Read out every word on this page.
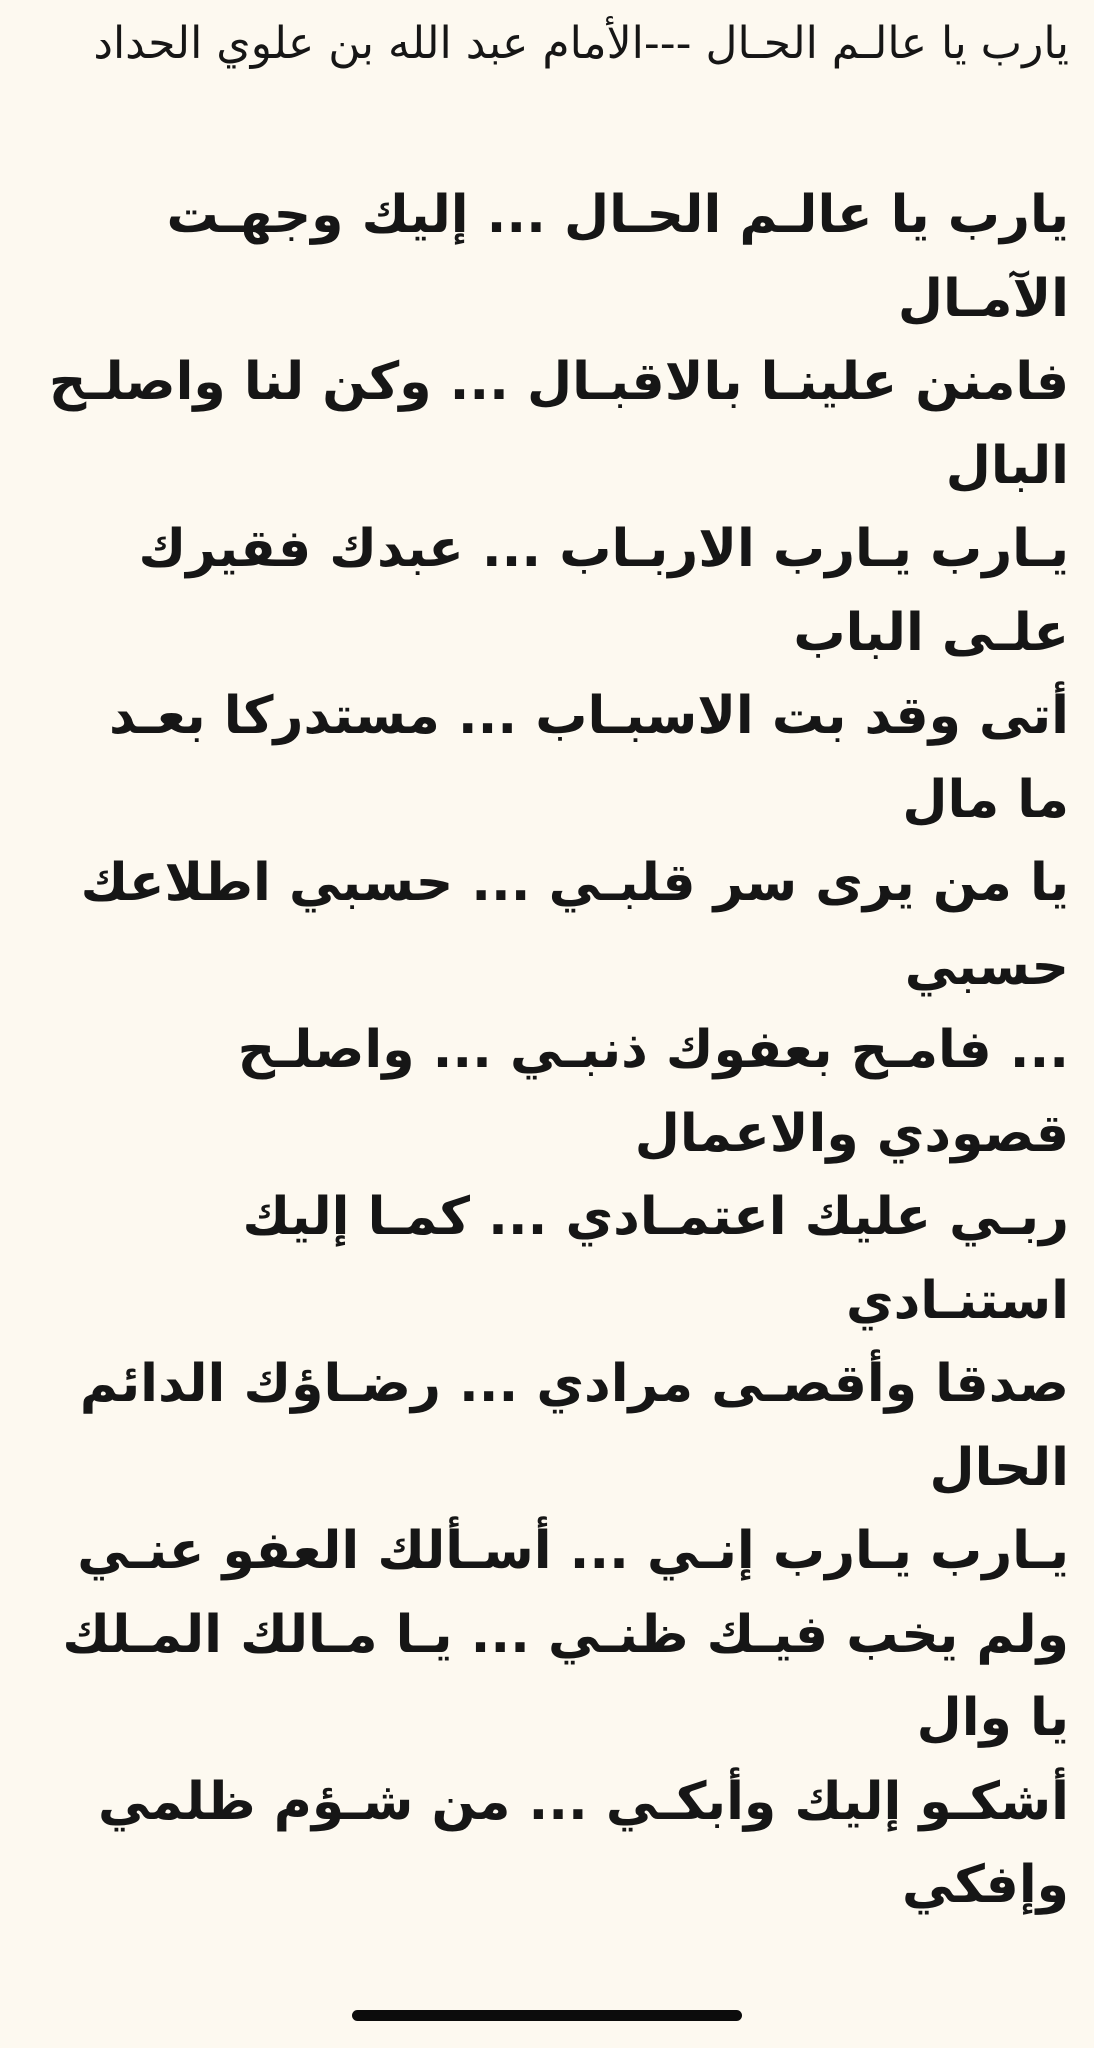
يارب يا عالـم الحـال ---الأمام عبد الله بن علوي الحداد

يارب يا عالـم الحـال ... إليك وجهـت الآمـال

فامنن علينـا بالاقبـال ... وكن لنا واصلـح البال

يـارب يـارب الاربـاب ... عبدك فقيرك علـى الباب

أتى وقد بت الاسبـاب ... مستدركا بعـد ما مال

يا من يرى سر قلبـي ... حسبي اطلاعك حسبي

... فامـح بعفوك ذنبـي ... واصلـح قصودي والاعمال

ربـي عليك اعتمـادي ... كمـا إليك استنـادي

صدقا وأقصـى مرادي ... رضـاؤك الدائم الحال

يـارب يـارب إنـي ... أسـألك العفو عنـي

ولم يخب فيـك ظنـي ... يـا مـالك المـلك يا وال

أشكـو إليك وأبكـي ... من شـؤم ظلمي وإفكي
